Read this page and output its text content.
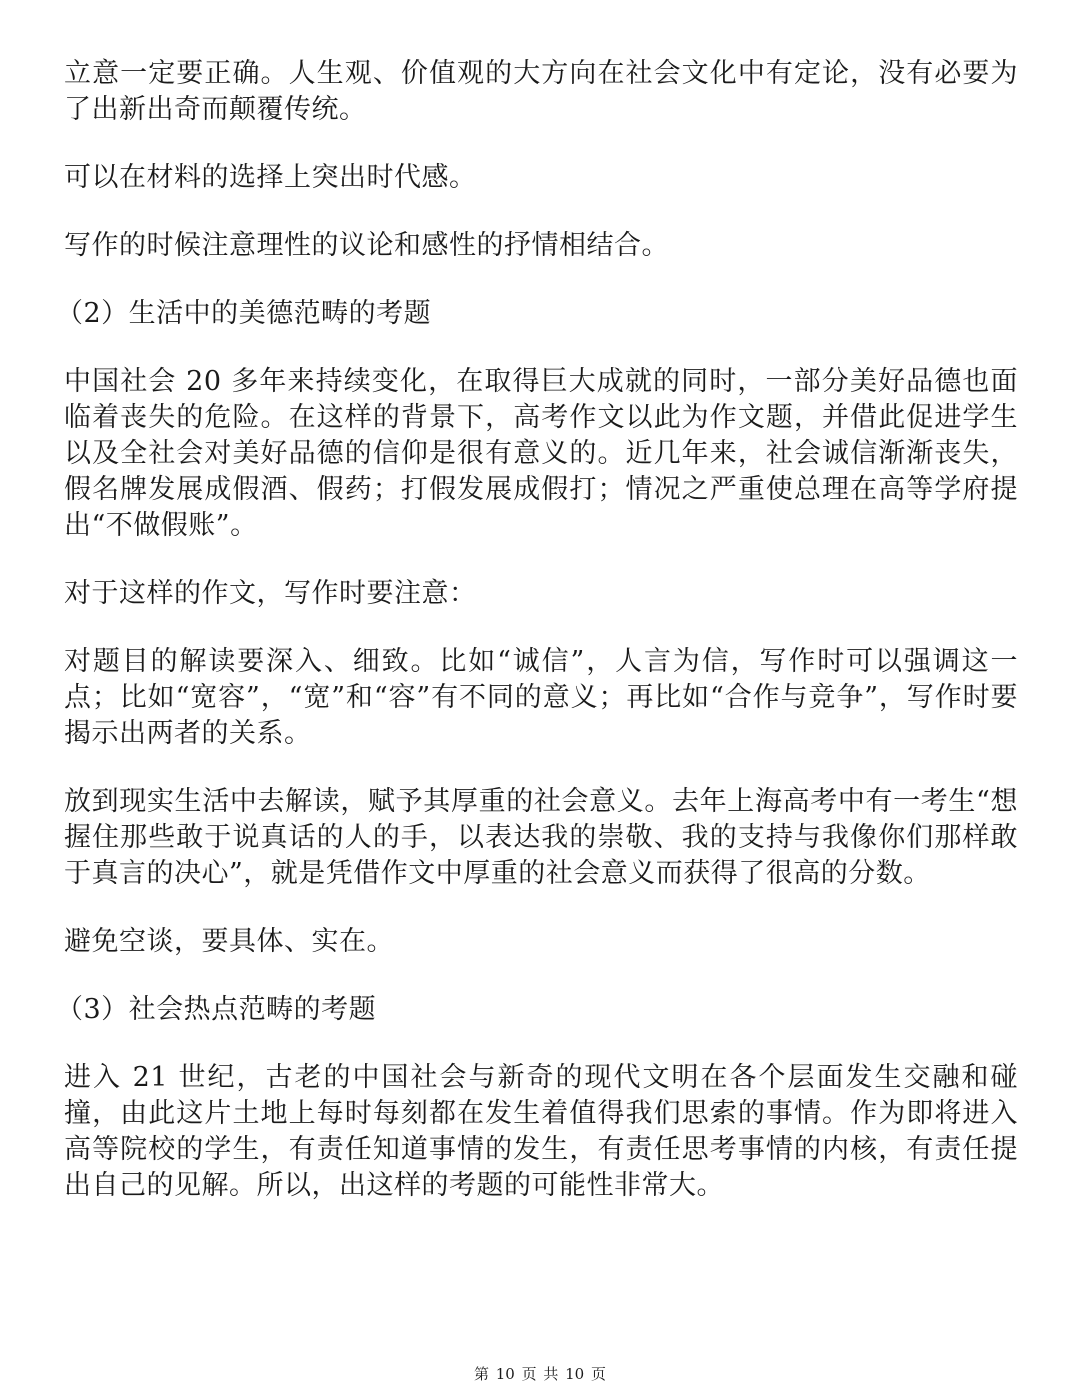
立意一定要正确。人生观、价值观的大方向在社会文化中有定论，没有必要为了出新出奇而颠覆传统。

可以在材料的选择上突出时代感。

写作的时候注意理性的议论和感性的抒情相结合。

（2）生活中的美德范畴的考题

中国社会 20 多年来持续变化，在取得巨大成就的同时，一部分美好品德也面临着丧失的危险。在这样的背景下，高考作文以此为作文题，并借此促进学生以及全社会对美好品德的信仰是很有意义的。近几年来，社会诚信渐渐丧失，假名牌发展成假酒、假药；打假发展成假打；情况之严重使总理在高等学府提出“不做假账”。

对于这样的作文，写作时要注意：

对题目的解读要深入、细致。比如“诚信”，人言为信，写作时可以强调这一点；比如“宽容”，“宽”和“容”有不同的意义；再比如“合作与竞争”，写作时要揭示出两者的关系。

放到现实生活中去解读，赋予其厚重的社会意义。去年上海高考中有一考生“想握住那些敢于说真话的人的手，以表达我的崇敬、我的支持与我像你们那样敢于真言的决心”，就是凭借作文中厚重的社会意义而获得了很高的分数。

避免空谈，要具体、实在。

（3）社会热点范畴的考题

进入 21 世纪，古老的中国社会与新奇的现代文明在各个层面发生交融和碰撞，由此这片土地上每时每刻都在发生着值得我们思索的事情。作为即将进入高等院校的学生，有责任知道事情的发生，有责任思考事情的内核，有责任提出自己的见解。所以，出这样的考题的可能性非常大。

第 10 页 共 10 页
